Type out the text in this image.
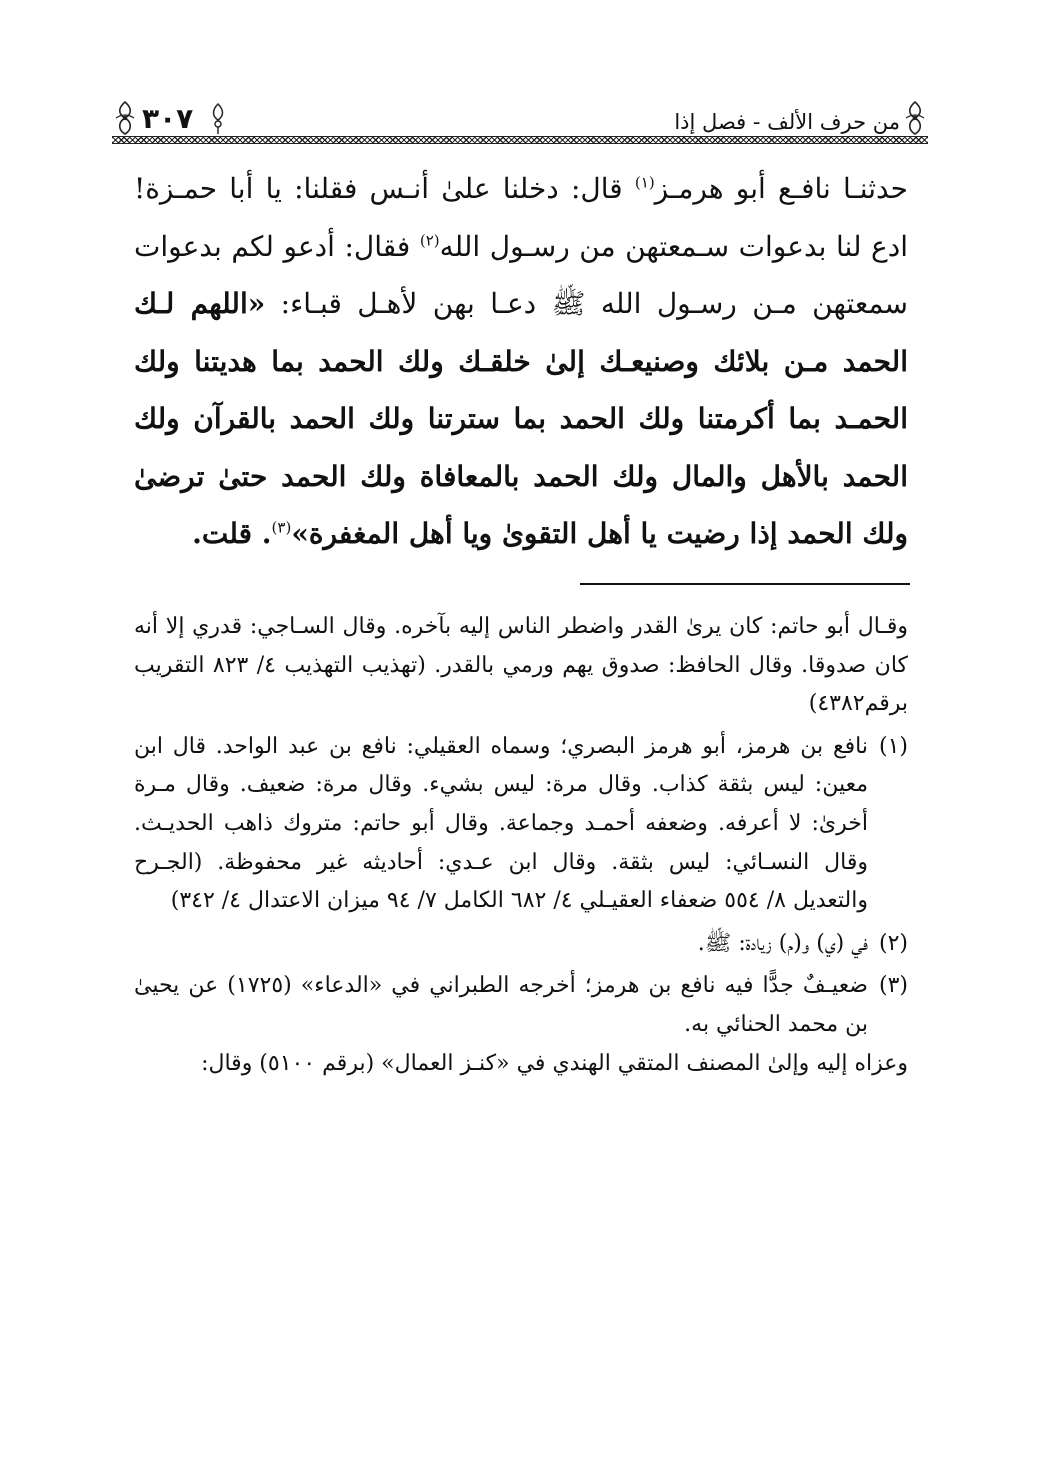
من حرف الألف - فصل إذا
٣٠٧
حدثنـا نافـع أبو هرمـز$^{(١)}$ قال: دخلنا علىٰ أنـس فقلنا: يا أبا حمـزة! ادع لنا بدعوات سـمعتهن من رسـول الله$^{(٢)}$ فقال: أدعو لكم بدعوات سمعتهن مـن رسـول الله ﷺ دعـا بهن لأهـل قبـاء: «اللهم لـك الحمد مـن بلائك وصنيعـك إلىٰ خلقـك ولك الحمد بما هديتنا ولك الحمـد بما أكرمتنا ولك الحمد بما سترتنا ولك الحمد بالقرآن ولك الحمد بالأهل والمال ولك الحمد بالمعافاة ولك الحمد حتىٰ ترضىٰ ولك الحمد إذا رضيت يا أهل التقوىٰ ويا أهل المغفرة»$^{(٣)}$. قلت.
وقـال أبو حاتم: كان يرىٰ القدر واضطر الناس إليه بآخره. وقال السـاجي: قدري إلا أنه كان صدوقا. وقال الحافظ: صدوق يهم ورمي بالقدر. (تهذيب التهذيب ٤/ ٨٢٣ التقريب برقم٤٣٨٢)
(١)
نافع بن هرمز، أبو هرمز البصري؛ وسماه العقيلي: نافع بن عبد الواحد. قال ابن معين: ليس بثقة كذاب. وقال مرة: ليس بشيء. وقال مرة: ضعيف. وقال مـرة أخرىٰ: لا أعرفه. وضعفه أحمـد وجماعة. وقال أبو حاتم: متروك ذاهب الحديـث. وقال النسـائي: ليس بثقة. وقال ابن عـدي: أحاديثه غير محفوظة. (الجـرح والتعديل ٨/ ٥٥٤ ضعفاء العقيـلي ٤/ ٦٨٢ الكامل ٧/ ٩٤ ميزان الاعتدال ٤/ ٣٤٢)
(٢)
في (ي) و(م) زيادة: ﷺ.
(٣)
ضعيـفٌ جدًّا فيه نافع بن هرمز؛ أخرجه الطبراني في «الدعاء» (١٧٢٥) عن يحيىٰ بن محمد الحنائي به.
وعزاه إليه وإلىٰ المصنف المتقي الهندي في «كنـز العمال» (برقم ٥١٠٠) وقال:
